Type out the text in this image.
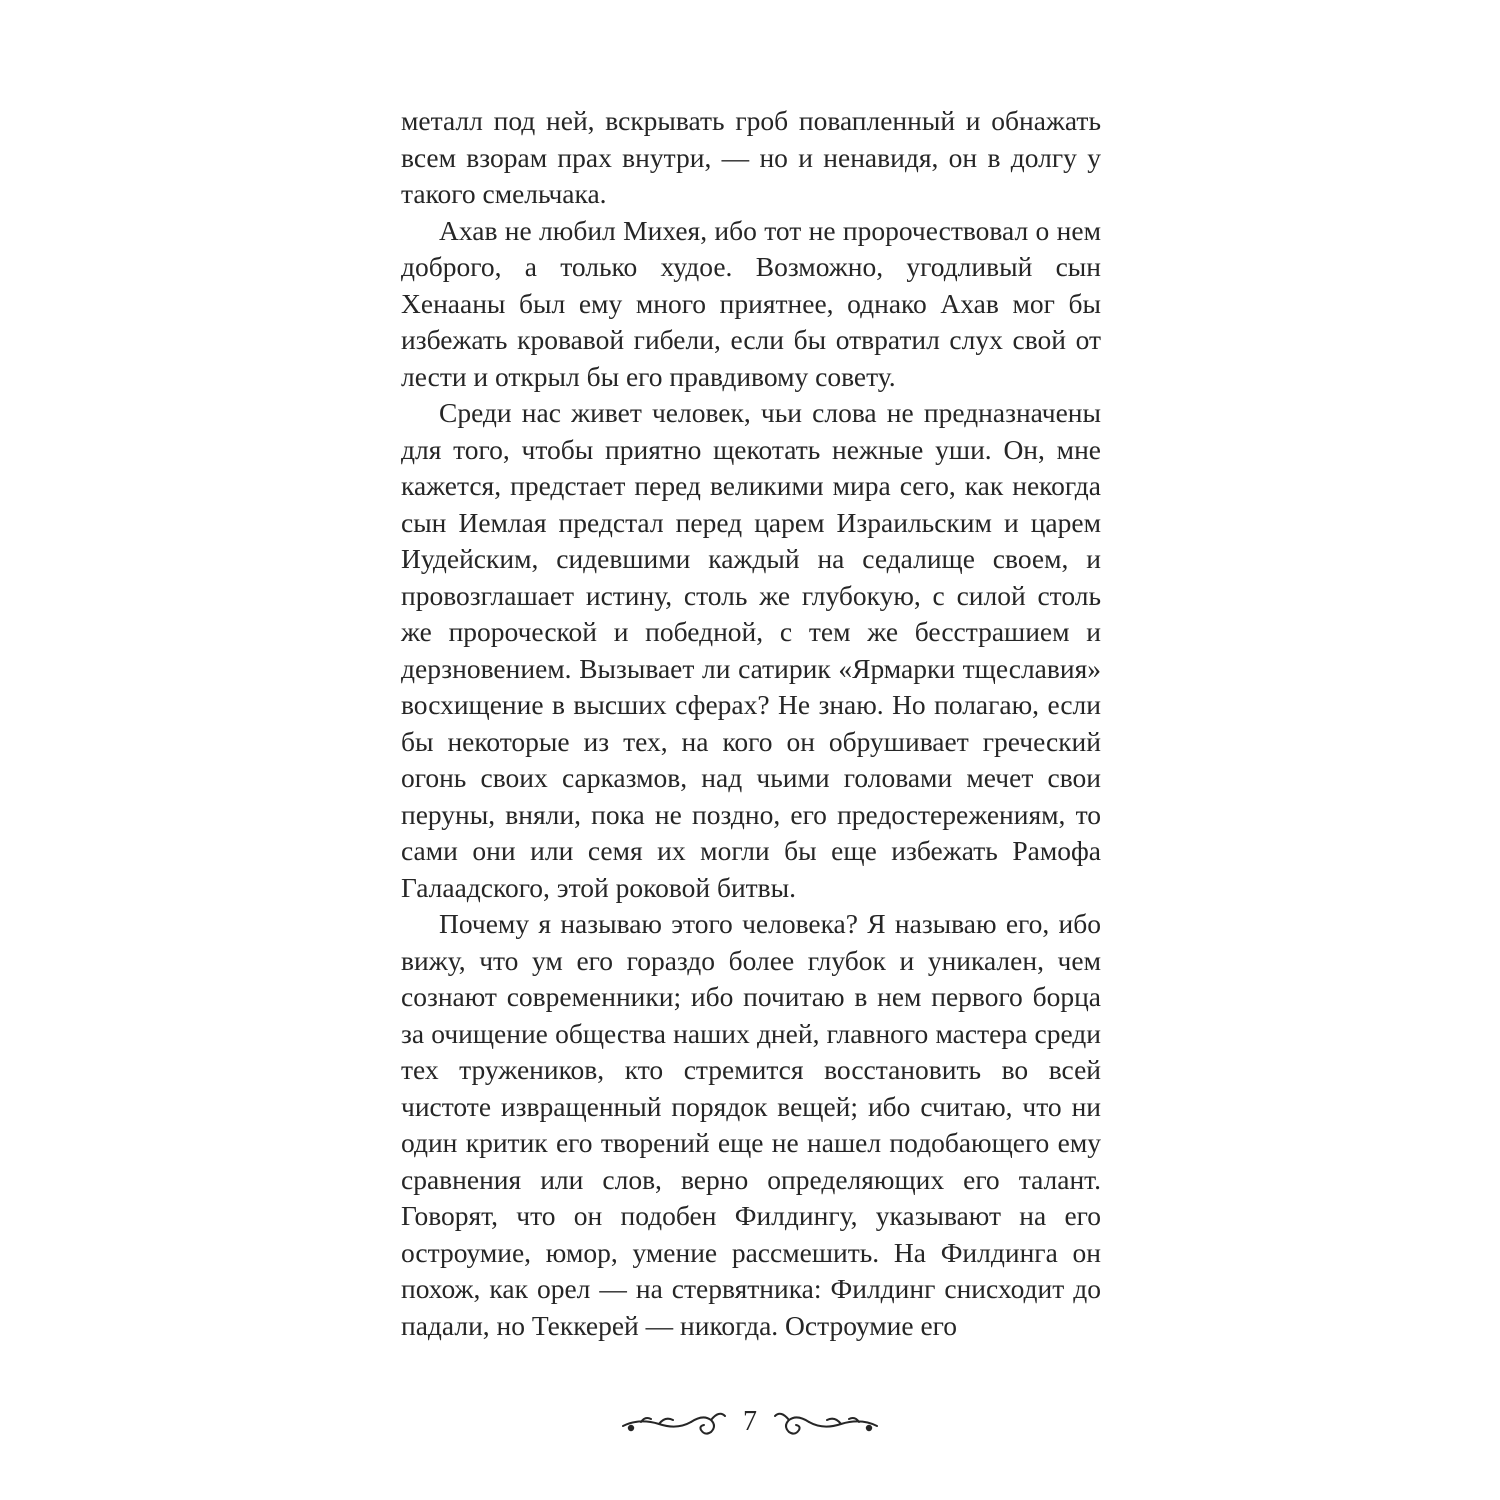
металл под ней, вскрывать гроб повапленный и обнажать всем взорам прах внутри, — но и ненавидя, он в долгу у такого смельчака.

Ахав не любил Михея, ибо тот не пророчествовал о нем доброго, а только худое. Возможно, угодливый сын Хенааны был ему много приятнее, однако Ахав мог бы избежать кровавой гибели, если бы отвратил слух свой от лести и открыл бы его правдивому совету.

Среди нас живет человек, чьи слова не предназначены для того, чтобы приятно щекотать нежные уши. Он, мне кажется, предстает перед великими мира сего, как некогда сын Иемлая предстал перед царем Израильским и царем Иудейским, сидевшими каждый на седалище своем, и провозглашает истину, столь же глубокую, с силой столь же пророческой и победной, с тем же бесстрашием и дерзновением. Вызывает ли сатирик «Ярмарки тщеславия» восхищение в высших сферах? Не знаю. Но полагаю, если бы некоторые из тех, на кого он обрушивает греческий огонь своих сарказмов, над чьими головами мечет свои перуны, вняли, пока не поздно, его предостережениям, то сами они или семя их могли бы еще избежать Рамофа Галаадского, этой роковой битвы.

Почему я называю этого человека? Я называю его, ибо вижу, что ум его гораздо более глубок и уникален, чем сознают современники; ибо почитаю в нем первого борца за очищение общества наших дней, главного мастера среди тех тружеников, кто стремится восстановить во всей чистоте извращенный порядок вещей; ибо считаю, что ни один критик его творений еще не нашел подобающего ему сравнения или слов, верно определяющих его талант. Говорят, что он подобен Филдингу, указывают на его остроумие, юмор, умение рассмешить. На Филдинга он похож, как орел — на стервятника: Филдинг снисходит до падали, но Теккерей — никогда. Остроумие его

7
